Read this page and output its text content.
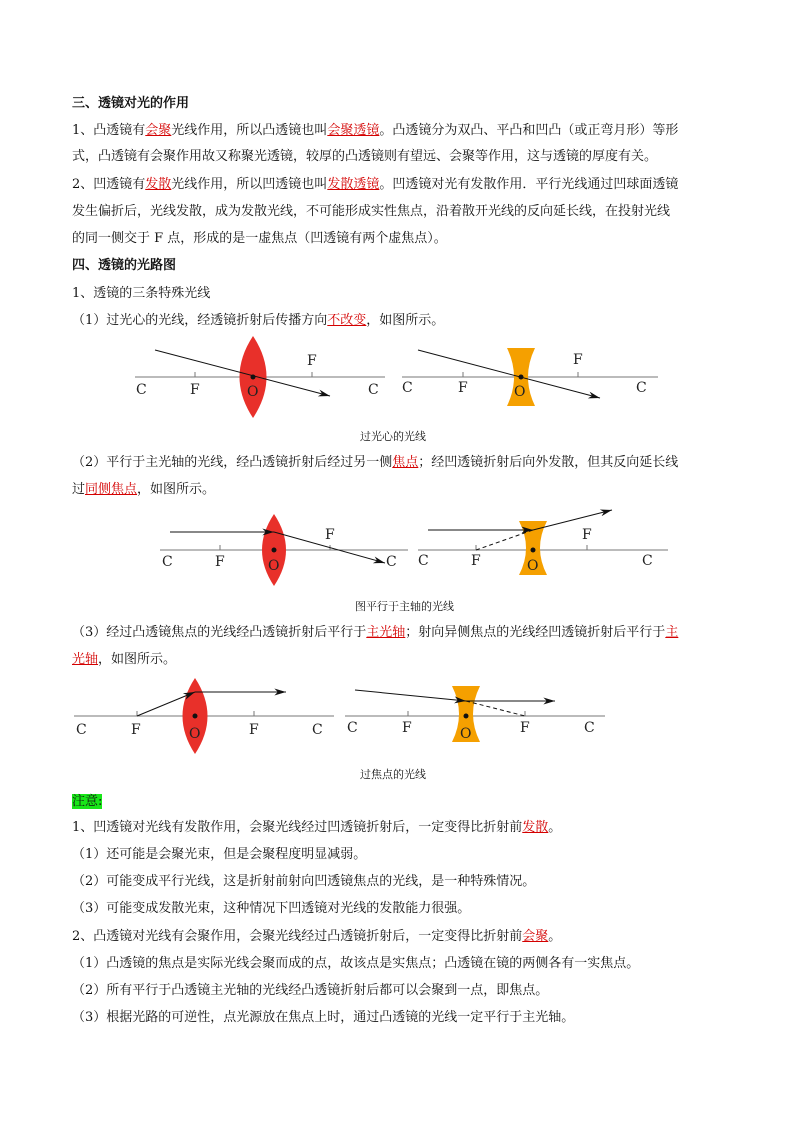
三、透镜对光的作用
1、凸透镜有会聚光线作用，所以凸透镜也叫会聚透镜。凸透镜分为双凸、平凸和凹凸（或正弯月形）等形
式，凸透镜有会聚作用故又称聚光透镜，较厚的凸透镜则有望远、会聚等作用，这与透镜的厚度有关。
2、凹透镜有发散光线作用，所以凹透镜也叫发散透镜。凹透镜对光有发散作用．平行光线通过凹球面透镜
发生偏折后，光线发散，成为发散光线，不可能形成实性焦点，沿着散开光线的反向延长线，在投射光线
的同一侧交于 F 点，形成的是一虚焦点（凹透镜有两个虚焦点）。
四、透镜的光路图
1、透镜的三条特殊光线
（1）过光心的光线，经透镜折射后传播方向不改变，如图所示。
C	F	O
F
C C	F	O
F
C
过光心的光线
（2）平行于主光轴的光线，经凸透镜折射后经过另一侧焦点；经凹透镜折射后向外发散，但其反向延长线
过同侧焦点，如图所示。
C	F	O
F
C C	F	O
F
C
图平行于主轴的光线
（3）经过凸透镜焦点的光线经凸透镜折射后平行于主光轴；射向异侧焦点的光线经凹透镜折射后平行于主
光轴，如图所示。
C	F	O	F	C C	F	O	F	C
过焦点的光线
注意:
1、凹透镜对光线有发散作用，会聚光线经过凹透镜折射后，一定变得比折射前发散。
（1）还可能是会聚光束，但是会聚程度明显减弱。
（2）可能变成平行光线，这是折射前射向凹透镜焦点的光线，是一种特殊情况。
（3）可能变成发散光束，这种情况下凹透镜对光线的发散能力很强。
2、凸透镜对光线有会聚作用，会聚光线经过凸透镜折射后，一定变得比折射前会聚。
（1）凸透镜的焦点是实际光线会聚而成的点，故该点是实焦点；凸透镜在镜的两侧各有一实焦点。
（2）所有平行于凸透镜主光轴的光线经凸透镜折射后都可以会聚到一点，即焦点。
（3）根据光路的可逆性，点光源放在焦点上时，通过凸透镜的光线一定平行于主光轴。
